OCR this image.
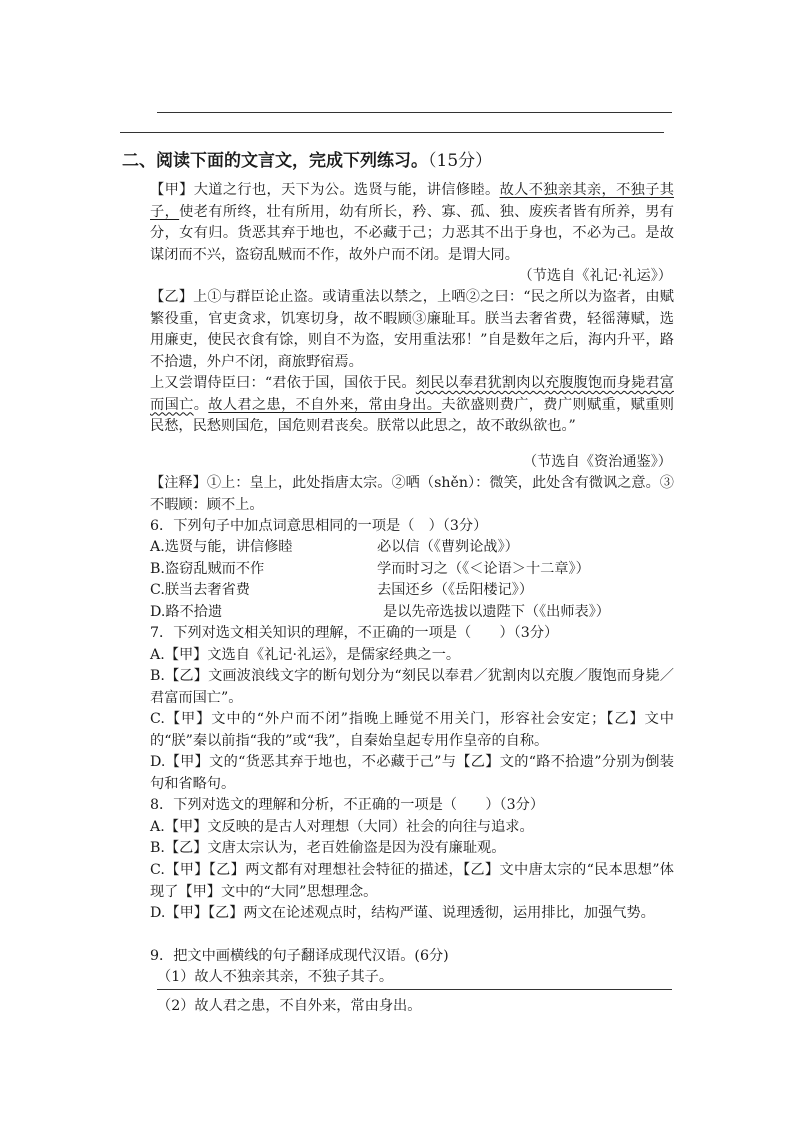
二、阅读下面的文言文，完成下列练习。（15分）

【甲】大道之行也，天下为公。选贤与能，讲信修睦。故人不独亲其亲，不独子其子，使老有所终，壮有所用，幼有所长，矜、寡、孤、独、废疾者皆有所养，男有分，女有归。货恶其弃于地也，不必藏于己；力恶其不出于身也，不必为己。是故谋闭而不兴，盗窃乱贼而不作，故外户而不闭。是谓大同。

（节选自《礼记·礼运》）

【乙】上①与群臣论止盗。或请重法以禁之，上哂②之曰：“民之所以为盗者，由赋繁役重，官吏贪求，饥寒切身，故不暇顾③廉耻耳。朕当去奢省费，轻徭薄赋，选用廉吏，使民衣食有馀，则自不为盗，安用重法邪！”自是数年之后，海内升平，路不拾遗，外户不闭，商旅野宿焉。

上又尝谓侍臣曰：“君依于国，国依于民。刻民以奉君犹割肉以充腹腹饱而身毙君富而国亡。故人君之患，不自外来，常由身出。夫欲盛则费广，费广则赋重，赋重则民愁，民愁则国危，国危则君丧矣。朕常以此思之，故不敢纵欲也。”

（节选自《资治通鉴》）

【注释】①上：皇上，此处指唐太宗。②哂（shěn）：微笑，此处含有微讽之意。③不暇顾：顾不上。

6．下列句子中加点词意思相同的一项是（　）（3分）
A.选贤与能，讲信修睦	必以信（《曹刿论战》）
B.盗窃乱贼而不作	学而时习之（《＜论语＞十二章》）
C.朕当去奢省费	去国还乡（《岳阳楼记》）
D.路不拾遗	是以先帝选拔以遗陛下（《出师表》）
7．下列对选文相关知识的理解，不正确的一项是（　　）（3分）

A.【甲】文选自《礼记·礼运》，是儒家经典之一。

B.【乙】文画波浪线文字的断句划分为“刻民以奉君／犹割肉以充腹／腹饱而身毙／君富而国亡”。

C.【甲】文中的“外户而不闭”指晚上睡觉不用关门，形容社会安定；【乙】文中的“朕”秦以前指“我的”或“我”，自秦始皇起专用作皇帝的自称。

D.【甲】文的“货恶其弃于地也，不必藏于己”与【乙】文的“路不拾遗”分别为倒装句和省略句。

8．下列对选文的理解和分析，不正确的一项是（　　）（3分）

A.【甲】文反映的是古人对理想（大同）社会的向往与追求。

B.【乙】文唐太宗认为，老百姓偷盗是因为没有廉耻观。

C.【甲】【乙】两文都有对理想社会特征的描述，【乙】文中唐太宗的“民本思想”体现了【甲】文中的“大同”思想理念。

D.【甲】【乙】两文在论述观点时，结构严谨、说理透彻，运用排比，加强气势。

9．把文中画横线的句子翻译成现代汉语。(6分)
（1）故人不独亲其亲，不独子其子。
（2）故人君之患，不自外来，常由身出。
